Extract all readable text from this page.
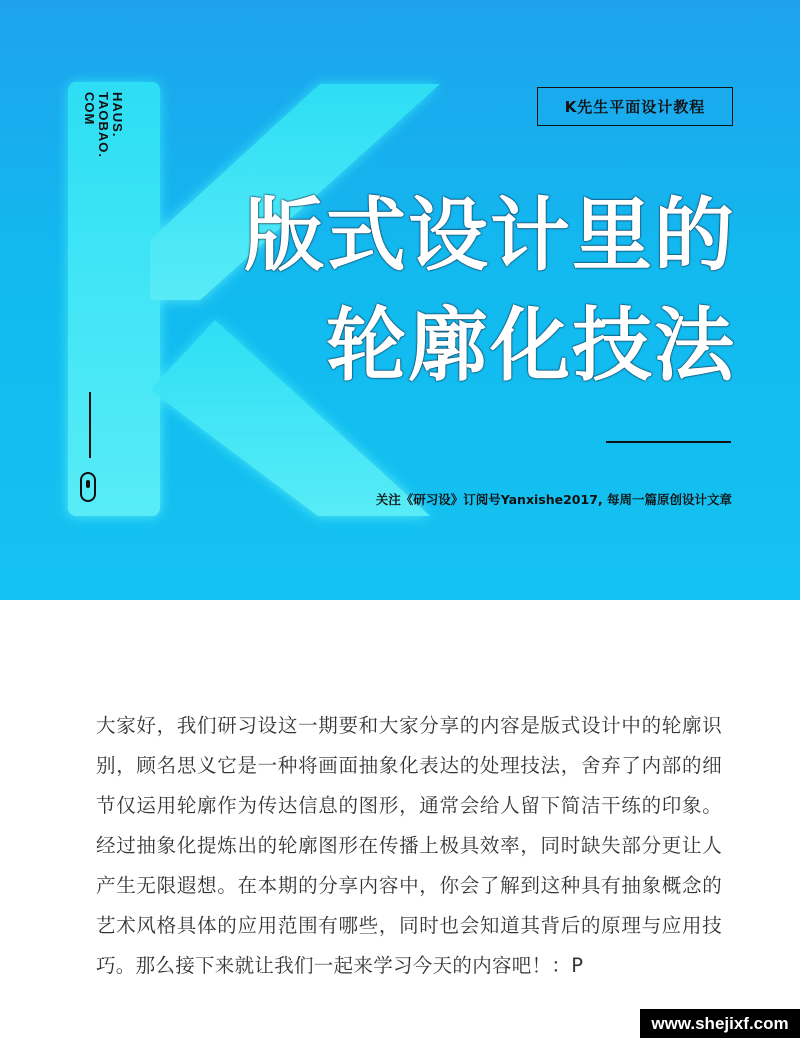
HAUS.
TAOBAO.
COM	K先生平面设计教程
版式设计里的
轮廓化技法
关注《研习设》订阅号Yanxishe2017, 每周一篇原创设计文章

大家好，我们研习设这一期要和大家分享的内容是版式设计中的轮廓识别，顾名思义它是一种将画面抽象化表达的处理技法，舍弃了内部的细节仅运用轮廓作为传达信息的图形，通常会给人留下简洁干练的印象。经过抽象化提炼出的轮廓图形在传播上极具效率，同时缺失部分更让人产生无限遐想。在本期的分享内容中，你会了解到这种具有抽象概念的艺术风格具体的应用范围有哪些，同时也会知道其背后的原理与应用技巧。那么接下来就让我们一起来学习今天的内容吧！：P

www.shejixf.com
